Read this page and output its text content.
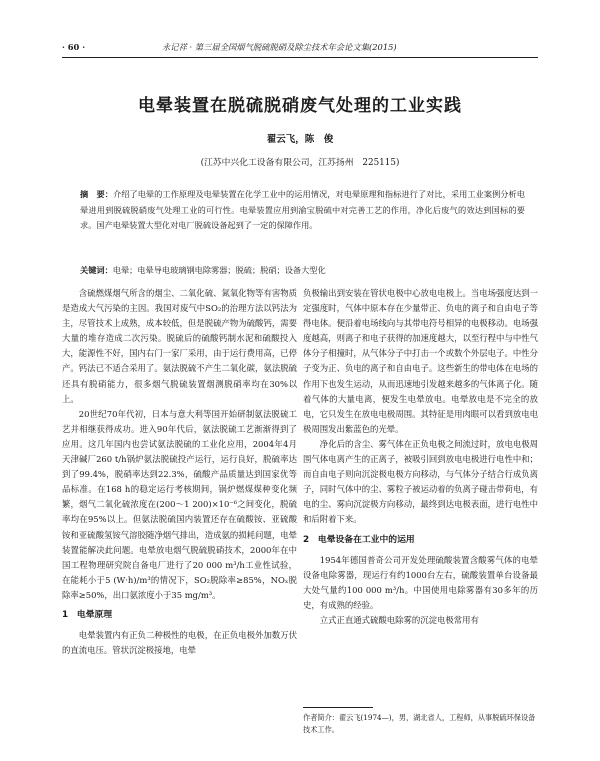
· 60 ·	永记祥 · 第三届全国烟气脱硫脱硝及除尘技术年会论文集(2015)
电晕装置在脱硫脱硝废气处理的工业实践
翟云飞，陈　俊
(江苏中兴化工设备有限公司，江苏扬州　225115)
摘　要：介绍了电晕的工作原理及电晕装置在化学工业中的运用情况，对电晕原理和指标进行了对比，采用工业案例分析电晕进用到脱硫脱硝废气处理工业的可行性。电晕装置应用到渝宝脱硫中对完善工艺的作用，净化后废气的效达到国标的要求。国产电晕装置大型化对电厂脱硫设备起到了一定的保障作用。
关键词：电晕；电晕导电玻璃钢电除雾器；脱硫；脱硝；设备大型化

含硫燃煤烟气所含的烟尘、二氧化硫、氮氧化物等有害物质是造成大气污染的主因。我国对废气中SO₂的治理方法以钙法为主，尽管技术上成熟，成本较低，但是脱硫产物为硫酸钙，需要大量的堆存造成二次污染。脱硫后的硫酸钙制水泥和硫酸投入大，能源性不好，国内右门一家厂采用，由于运行费用高，已停产。钙法已不适合采用了。氨法脱硫不产生二氧化碳，氨法脱硫还具有脱硝能力，很多烟气脱硫装置烟测脱硝率均在30%以上。

20世纪70年代初，日本与意大利等国开始研制氨法脱硫工艺并相继获得成功。进入90年代后，氨法脱硫工艺渐渐得到了应用。这几年国内也尝试氨法脱硫的工业化应用，2004年4月天津碱厂260 t/h锅炉氨法脱硫投产运行，运行良好，脱硫率达到了99.4%，脱硝率达到22.3%，硫酸产品质量达到国家优等品标准。在168 h的稳定运行考核期间，锅炉燃煤煤种变化频繁，烟气二氧化硫浓度在(200～1 200)×10⁻⁶之间变化，脱硫率均在95%以上。但氨法脱硫国内装置还存在硫酸铵、亚硫酸铵和亚硫酸氢铵气溶胶随净烟气排出，造成氨的损耗问题，电晕装置能解决此问题。电晕放电烟气脱硫脱硝技术，2000年在中国工程物理研究院自备电厂进行了20 000 m³/h工业性试验，在能耗小于5 (W·h)/m³的情况下，SO₂脱除率≥85%，NOₓ脱除率≥50%，出口氨浓度小于35 mg/m³。

1　电晕原理

电晕装置内有正负二种极性的电极，在正负电极外加数万伏的直流电压。管状沉淀极接地，电晕

负极输出到安装在管状电极中心放电电极上。当电场强度达到一定强度时，气体中原本存在少量带正、负电的离子和自由电子等得电体。便沿着电场线向与其带电符号相异的电极移动。电场强度越高，则离子和电子获得的加速度越大，以至行程中与中性气体分子相撞时，从气体分子中打击一个或数个外层电子。中性分子变为正、负电的离子和自由电子。这些新生的带电体在电场的作用下也发生运动，从而迅速地引发越来越多的气体离子化。随着气体的大量电离，便发生电晕放电。电晕放电是不完全的放电，它只发生在放电电极周围。其特征是用肉眼可以看到放电电极周围发出紫蓝色的光晕。

净化后的含尘、雾气体在正负电极之间流过时，放电电极周围气体电离产生的正离子，被吸引回到放电电极进行电性中和；而自由电子则向沉淀极电极方向移动，与气体分子结合行成负离子，同时气体中的尘、雾粒子被运动着的负离子碰击带荷电，有电的尘、雾向沉淀极方向移动，最终到达电极表面，进行电性中和后附着下来。

2　电晕设备在工业中的运用

1954年德国普奇公司开发处理硫酸装置含酸雾气体的电晕设备电除雾器，现运行有约1000台左右，硫酸装置单台设备最大处气量约100 000 m³/h。中国使用电除雾器有30多年的历史，有成熟的经验。

立式正直通式硫酸电除雾的沉淀电极常用有

作者简介：翟云飞(1974—)，男，湖北省人，工程师，从事脱硫环保设备技术工作。
